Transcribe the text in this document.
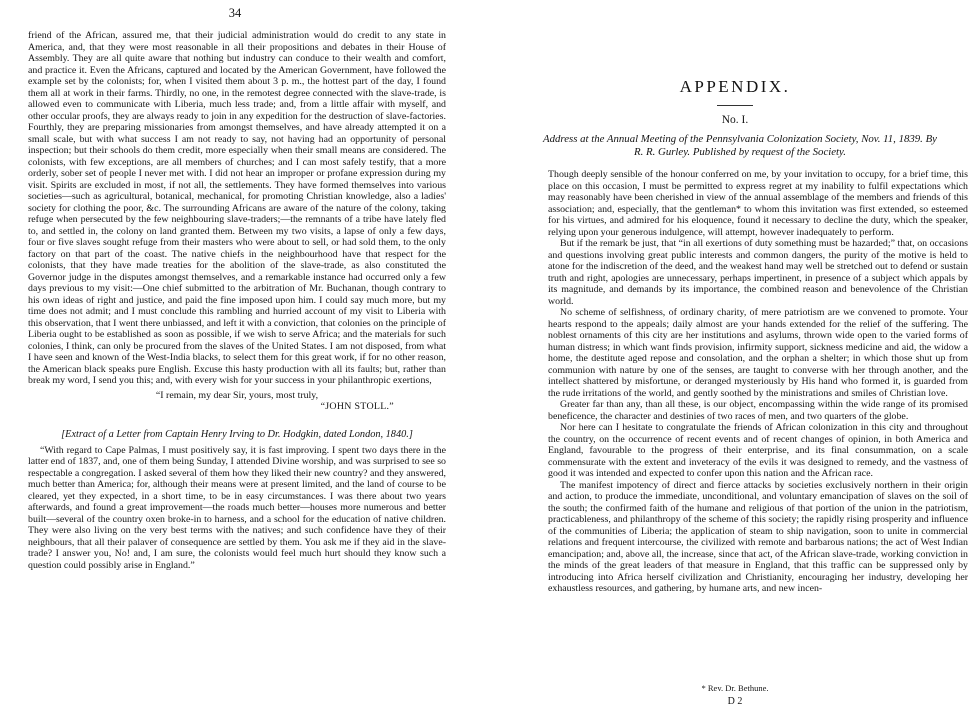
34

friend of the African, assured me, that their judicial administration would do credit to any state in America, and, that they were most reasonable in all their propositions and debates in their House of Assembly. They are all quite aware that nothing but industry can conduce to their wealth and comfort, and practice it. Even the Africans, captured and located by the American Government, have followed the example set by the colonists; for, when I visited them about 3 p. m., the hottest part of the day, I found them all at work in their farms. Thirdly, no one, in the remotest degree connected with the slave-trade, is allowed even to communicate with Liberia, much less trade; and, from a little affair with myself, and other occular proofs, they are always ready to join in any expedition for the destruction of slave-factories. Fourthly, they are preparing missionaries from amongst themselves, and have already attempted it on a small scale, but with what success I am not ready to say, not having had an opportunity of personal inspection; but their schools do them credit, more especially when their small means are considered. The colonists, with few exceptions, are all members of churches; and I can most safely testify, that a more orderly, sober set of people I never met with. I did not hear an improper or profane expression during my visit. Spirits are excluded in most, if not all, the settlements. They have formed themselves into various societies—such as agricultural, botanical, mechanical, for promoting Christian knowledge, also a ladies' society for clothing the poor, &c. The surrounding Africans are aware of the nature of the colony, taking refuge when persecuted by the few neighbouring slave-traders;—the remnants of a tribe have lately fled to, and settled in, the colony on land granted them. Between my two visits, a lapse of only a few days, four or five slaves sought refuge from their masters who were about to sell, or had sold them, to the only factory on that part of the coast. The native chiefs in the neighbourhood have that respect for the colonists, that they have made treaties for the abolition of the slave-trade, as also constituted the Governor judge in the disputes amongst themselves, and a remarkable instance had occurred only a few days previous to my visit:—One chief submitted to the arbitration of Mr. Buchanan, though contrary to his own ideas of right and justice, and paid the fine imposed upon him. I could say much more, but my time does not admit; and I must conclude this rambling and hurried account of my visit to Liberia with this observation, that I went there unbiassed, and left it with a conviction, that colonies on the principle of Liberia ought to be established as soon as possible, if we wish to serve Africa; and the materials for such colonies, I think, can only be procured from the slaves of the United States. I am not disposed, from what I have seen and known of the West-India blacks, to select them for this great work, if for no other reason, the American black speaks pure English. Excuse this hasty production with all its faults; but, rather than break my word, I send you this; and, with every wish for your success in your philanthropic exertions,

“I remain, my dear Sir, yours, most truly,
“JOHN STOLL.”
[Extract of a Letter from Captain Henry Irving to Dr. Hodgkin, dated London, 1840.]

“With regard to Cape Palmas, I must positively say, it is fast improving. I spent two days there in the latter end of 1837, and, one of them being Sunday, I attended Divine worship, and was surprised to see so respectable a congregation. I asked several of them how they liked their new country? and they answered, much better than America; for, although their means were at present limited, and the land of course to be cleared, yet they expected, in a short time, to be in easy circumstances. I was there about two years afterwards, and found a great improvement—the roads much better—houses more numerous and better built—several of the country oxen broke-in to harness, and a school for the education of native children. They were also living on the very best terms with the natives; and such confidence have they of their neighbours, that all their palaver of consequence are settled by them. You ask me if they aid in the slave-trade? I answer you, No! and, I am sure, the colonists would feel much hurt should they know such a question could possibly arise in England.”

APPENDIX.
No. I.
Address at the Annual Meeting of the Pennsylvania Colonization Society, Nov. 11, 1839. By R. R. Gurley. Published by request of the Society.

Though deeply sensible of the honour conferred on me, by your invitation to occupy, for a brief time, this place on this occasion, I must be permitted to express regret at my inability to fulfil expectations which may reasonably have been cherished in view of the annual assemblage of the members and friends of this association; and, especially, that the gentleman* to whom this invitation was first extended, so esteemed for his virtues, and admired for his eloquence, found it necessary to decline the duty, which the speaker, relying upon your generous indulgence, will attempt, however inadequately to perform.

But if the remark be just, that “in all exertions of duty something must be hazarded;” that, on occasions and questions involving great public interests and common dangers, the purity of the motive is held to atone for the indiscretion of the deed, and the weakest hand may well be stretched out to defend or sustain truth and right, apologies are unnecessary, perhaps impertinent, in presence of a subject which appals by its magnitude, and demands by its importance, the combined reason and benevolence of the Christian world.

No scheme of selfishness, of ordinary charity, of mere patriotism are we convened to promote. Your hearts respond to the appeals; daily almost are your hands extended for the relief of the suffering. The noblest ornaments of this city are her institutions and asylums, thrown wide open to the varied forms of human distress; in which want finds provision, infirmity support, sickness medicine and aid, the widow a home, the destitute aged repose and consolation, and the orphan a shelter; in which those shut up from communion with nature by one of the senses, are taught to converse with her through another, and the intellect shattered by misfortune, or deranged mysteriously by His hand who formed it, is guarded from the rude irritations of the world, and gently soothed by the ministrations and smiles of Christian love.

Greater far than any, than all these, is our object, encompassing within the wide range of its promised beneficence, the character and destinies of two races of men, and two quarters of the globe.

Nor here can I hesitate to congratulate the friends of African colonization in this city and throughout the country, on the occurrence of recent events and of recent changes of opinion, in both America and England, favourable to the progress of their enterprise, and its final consummation, on a scale commensurate with the extent and inveteracy of the evils it was designed to remedy, and the vastness of good it was intended and expected to confer upon this nation and the African race.

The manifest impotency of direct and fierce attacks by societies exclusively northern in their origin and action, to produce the immediate, unconditional, and voluntary emancipation of slaves on the soil of the south; the confirmed faith of the humane and religious of that portion of the union in the patriotism, practicableness, and philanthropy of the scheme of this society; the rapidly rising prosperity and influence of the communities of Liberia; the application of steam to ship navigation, soon to unite in commercial relations and frequent intercourse, the civilized with remote and barbarous nations; the act of West Indian emancipation; and, above all, the increase, since that act, of the African slave-trade, working conviction in the minds of the great leaders of that measure in England, that this traffic can be suppressed only by introducing into Africa herself civilization and Christianity, encouraging her industry, developing her exhaustless resources, and gathering, by humane arts, and new incen-

* Rev. Dr. Bethune.
D 2
